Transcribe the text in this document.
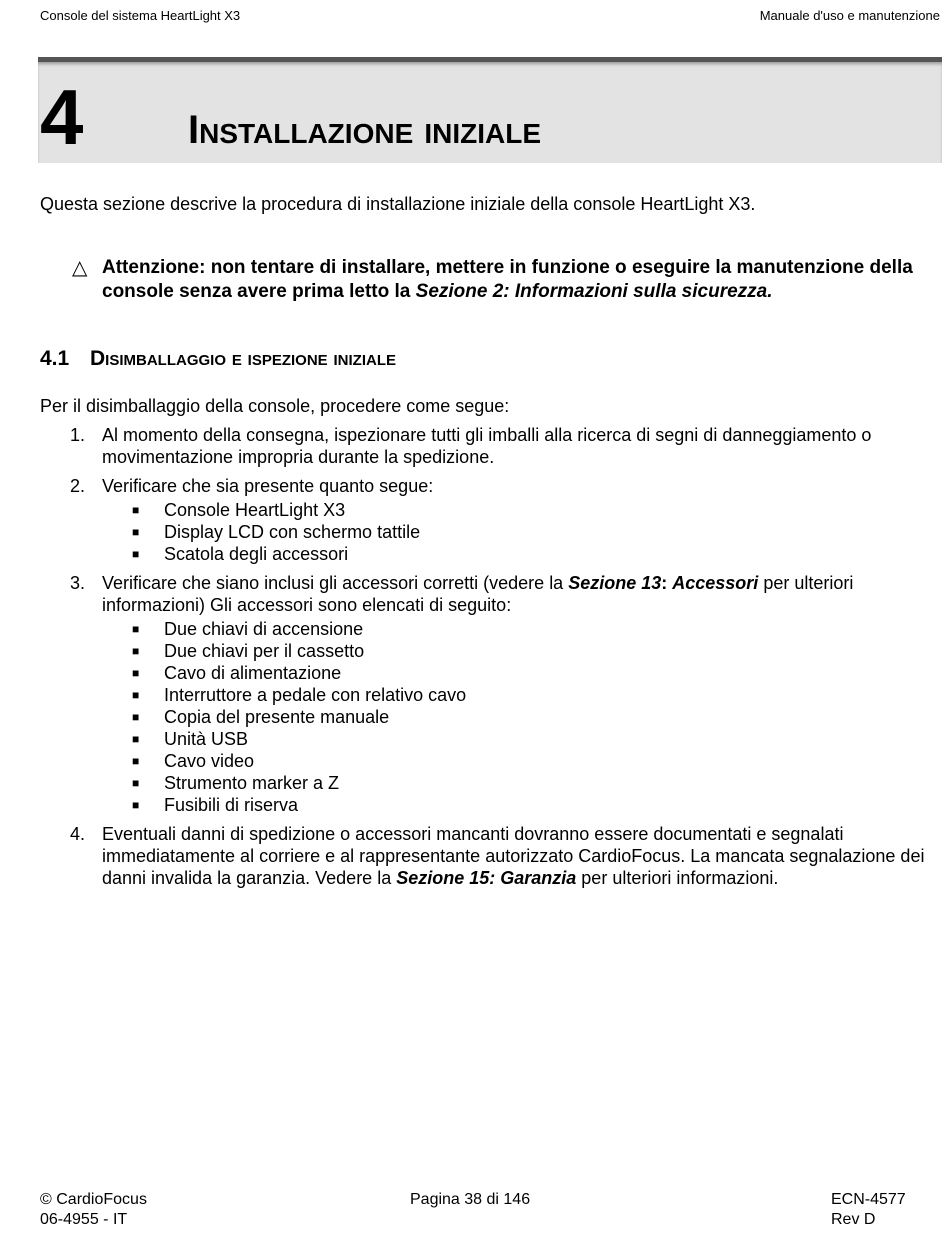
Console del sistema HeartLight X3	Manuale d'uso e manutenzione
4	Installazione iniziale
Questa sezione descrive la procedura di installazione iniziale della console HeartLight X3.
△ Attenzione: non tentare di installare, mettere in funzione o eseguire la manutenzione della console senza avere prima letto la Sezione 2: Informazioni sulla sicurezza.
4.1 Disimballaggio e ispezione iniziale
Per il disimballaggio della console, procedere come segue:
1. Al momento della consegna, ispezionare tutti gli imballi alla ricerca di segni di danneggiamento o movimentazione impropria durante la spedizione.
2. Verificare che sia presente quanto segue:
■ Console HeartLight X3
■ Display LCD con schermo tattile
■ Scatola degli accessori
3. Verificare che siano inclusi gli accessori corretti (vedere la Sezione 13: Accessori per ulteriori informazioni) Gli accessori sono elencati di seguito:
■ Due chiavi di accensione
■ Due chiavi per il cassetto
■ Cavo di alimentazione
■ Interruttore a pedale con relativo cavo
■ Copia del presente manuale
■ Unità USB
■ Cavo video
■ Strumento marker a Z
■ Fusibili di riserva
4. Eventuali danni di spedizione o accessori mancanti dovranno essere documentati e segnalati immediatamente al corriere e al rappresentante autorizzato CardioFocus. La mancata segnalazione dei danni invalida la garanzia. Vedere la Sezione 15: Garanzia per ulteriori informazioni.
© CardioFocus
06-4955 - IT
Pagina 38 di 146	ECN-4577
Rev D
